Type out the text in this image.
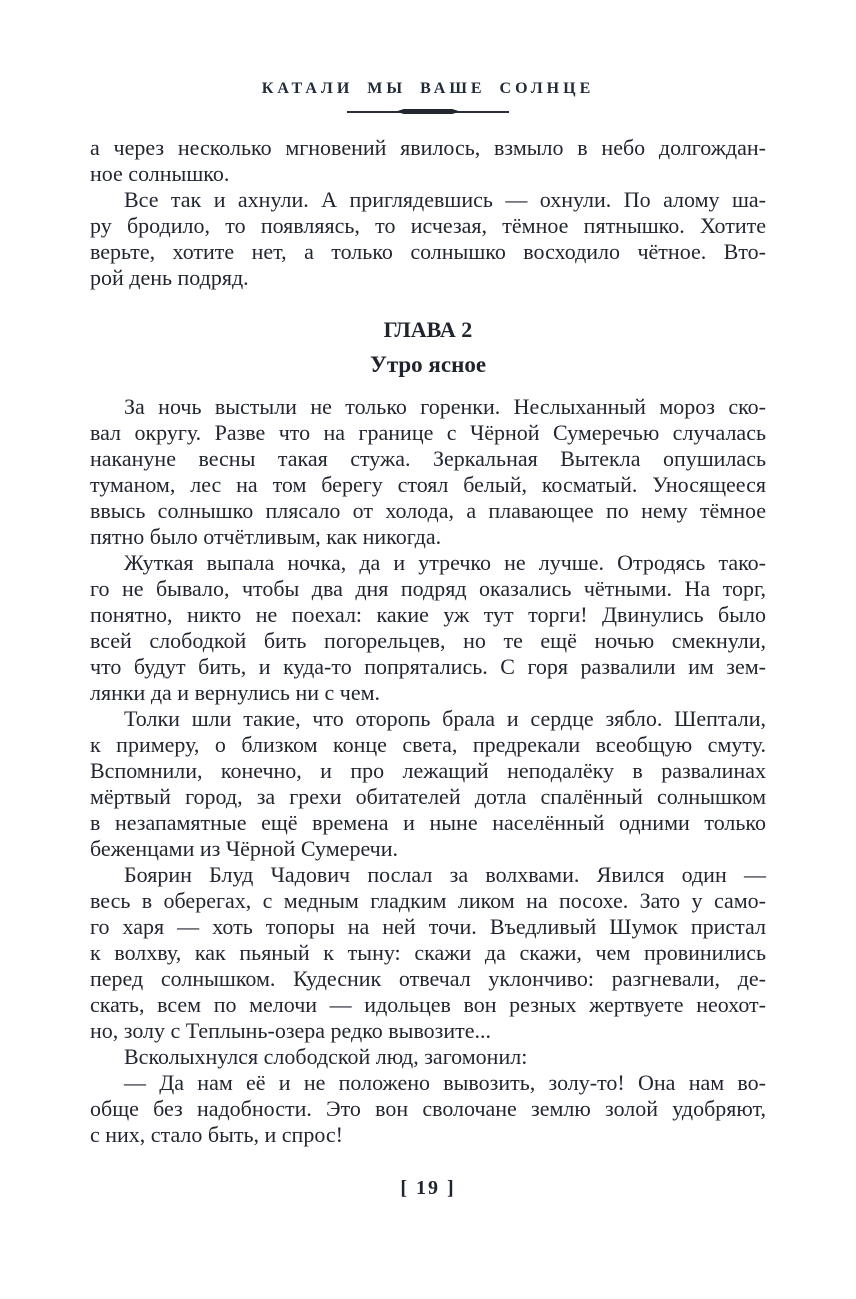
КАТАЛИ МЫ ВАШЕ СОЛНЦЕ
а через несколько мгновений явилось, взмыло в небо долгождан-
ное солнышко.
Все так и ахнули. А приглядевшись — охнули. По алому ша-
ру бродило, то появляясь, то исчезая, тёмное пятнышко. Хотите
верьте, хотите нет, а только солнышко восходило чётное. Вто-
рой день подряд.
ГЛАВА 2
Утро ясное
За ночь выстыли не только горенки. Неслыханный мороз ско-
вал округу. Разве что на границе с Чёрной Сумеречью случалась
накануне весны такая стужа. Зеркальная Вытекла опушилась
туманом, лес на том берегу стоял белый, косматый. Уносящееся
ввысь солнышко плясало от холода, а плавающее по нему тёмное
пятно было отчётливым, как никогда.
Жуткая выпала ночка, да и утречко не лучше. Отродясь тако-
го не бывало, чтобы два дня подряд оказались чётными. На торг,
понятно, никто не поехал: какие уж тут торги! Двинулись было
всей слободкой бить погорельцев, но те ещё ночью смекнули,
что будут бить, и куда-то попрятались. С горя развалили им зем-
лянки да и вернулись ни с чем.
Толки шли такие, что оторопь брала и сердце зябло. Шептали,
к примеру, о близком конце света, предрекали всеобщую смуту.
Вспомнили, конечно, и про лежащий неподалёку в развалинах
мёртвый город, за грехи обитателей дотла спалённый солнышком
в незапамятные ещё времена и ныне населённый одними только
беженцами из Чёрной Сумеречи.
Боярин Блуд Чадович послал за волхвами. Явился один —
весь в оберегах, с медным гладким ликом на посохе. Зато у само-
го харя — хоть топоры на ней точи. Въедливый Шумок пристал
к волхву, как пьяный к тыну: скажи да скажи, чем провинились
перед солнышком. Кудесник отвечал уклончиво: разгневали, де-
скать, всем по мелочи — идольцев вон резных жертвуете неохот-
но, золу с Теплынь-озера редко вывозите...
Всколыхнулся слободской люд, загомонил:
— Да нам её и не положено вывозить, золу-то! Она нам во-
обще без надобности. Это вон сволочане землю золой удобряют,
с них, стало быть, и спрос!
[ 19 ]
